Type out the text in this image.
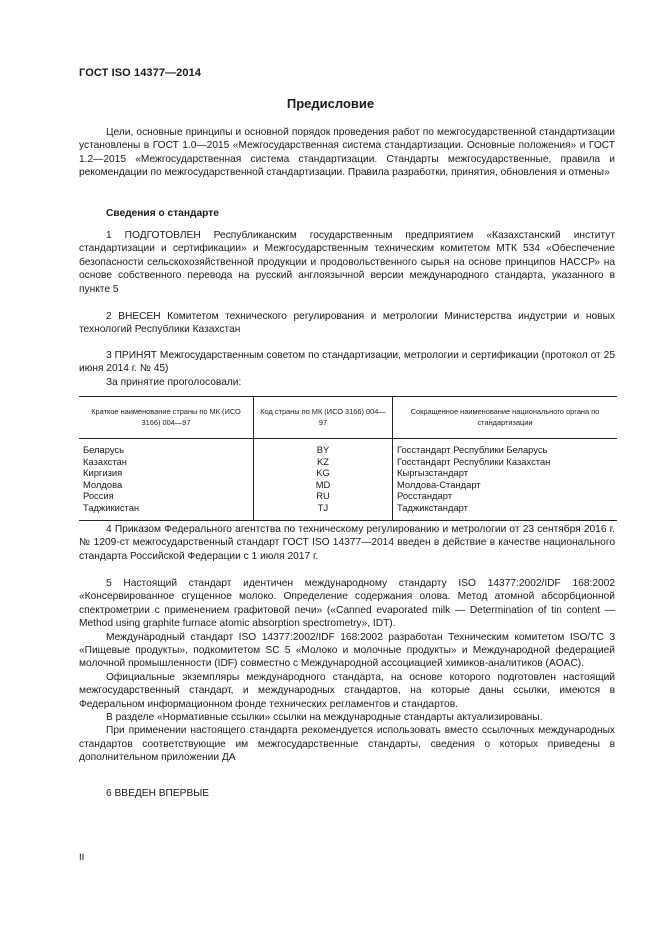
ГОСТ ISO 14377—2014
Предисловие

Цели, основные принципы и основной порядок проведения работ по межгосударственной стандартизации установлены в ГОСТ 1.0—2015 «Межгосударственная система стандартизации. Основные положения» и ГОСТ 1.2—2015 «Межгосударственная система стандартизации. Стандарты межгосударственные, правила и рекомендации по межгосударственной стандартизации. Правила разработки, принятия, обновления и отмены»

Сведения о стандарте

1 ПОДГОТОВЛЕН Республиканским государственным предприятием «Казахстанский институт стандартизации и сертификации» и Межгосударственным техническим комитетом МТК 534 «Обеспечение безопасности сельскохозяйственной продукции и продовольственного сырья на основе принципов НАССР» на основе собственного перевода на русский англоязычной версии международного стандарта, указанного в пункте 5

2 ВНЕСЕН Комитетом технического регулирования и метрологии Министерства индустрии и новых технологий Республики Казахстан

3 ПРИНЯТ Межгосударственным советом по стандартизации, метрологии и сертификации (протокол от 25 июня 2014 г. № 45)

За принятие проголосовали:

Краткое наименование страны по МК (ИСО 3166) 004—97	Код страны по МК (ИСО 3166) 004—97	Сокращенное наименование национального органа по стандартизации
Беларусь	BY	Госстандарт Республики Беларусь
Казахстан	KZ	Госстандарт Республики Казахстан
Киргизия	KG	Кыргызстандарт
Молдова	MD	Молдова-Стандарт
Россия	RU	Росстандарт
Таджикистан	TJ	Таджикстандарт

4 Приказом Федерального агентства по техническому регулированию и метрологии от 23 сентября 2016 г. № 1209-ст межгосударственный стандарт ГОСТ ISO 14377—2014 введен в действие в качестве национального стандарта Российской Федерации с 1 июля 2017 г.

5 Настоящий стандарт идентичен международному стандарту ISO 14377:2002/IDF 168:2002 «Консервированное сгущенное молоко. Определение содержания олова. Метод атомной абсорбционной спектрометрии с применением графитовой печи» («Canned evaporated milk — Determination of tin content — Method using graphite furnace atomic absorption spectrometry», IDT).

Международный стандарт ISO 14377:2002/IDF 168:2002 разработан Техническим комитетом ISO/TC 3 «Пищевые продукты», подкомитетом SC 5 «Молоко и молочные продукты» и Международной федерацией молочной промышленности (IDF) совместно с Международной ассоциацией химиков-аналитиков (AOAC).

Официальные экземпляры международного стандарта, на основе которого подготовлен настоящий межгосударственный стандарт, и международных стандартов, на которые даны ссылки, имеются в Федеральном информационном фонде технических регламентов и стандартов.

В разделе «Нормативные ссылки» ссылки на международные стандарты актуализированы.

При применении настоящего стандарта рекомендуется использовать вместо ссылочных международных стандартов соответствующие им межгосударственные стандарты, сведения о которых приведены в дополнительном приложении ДА

6 ВВЕДЕН ВПЕРВЫЕ

II
